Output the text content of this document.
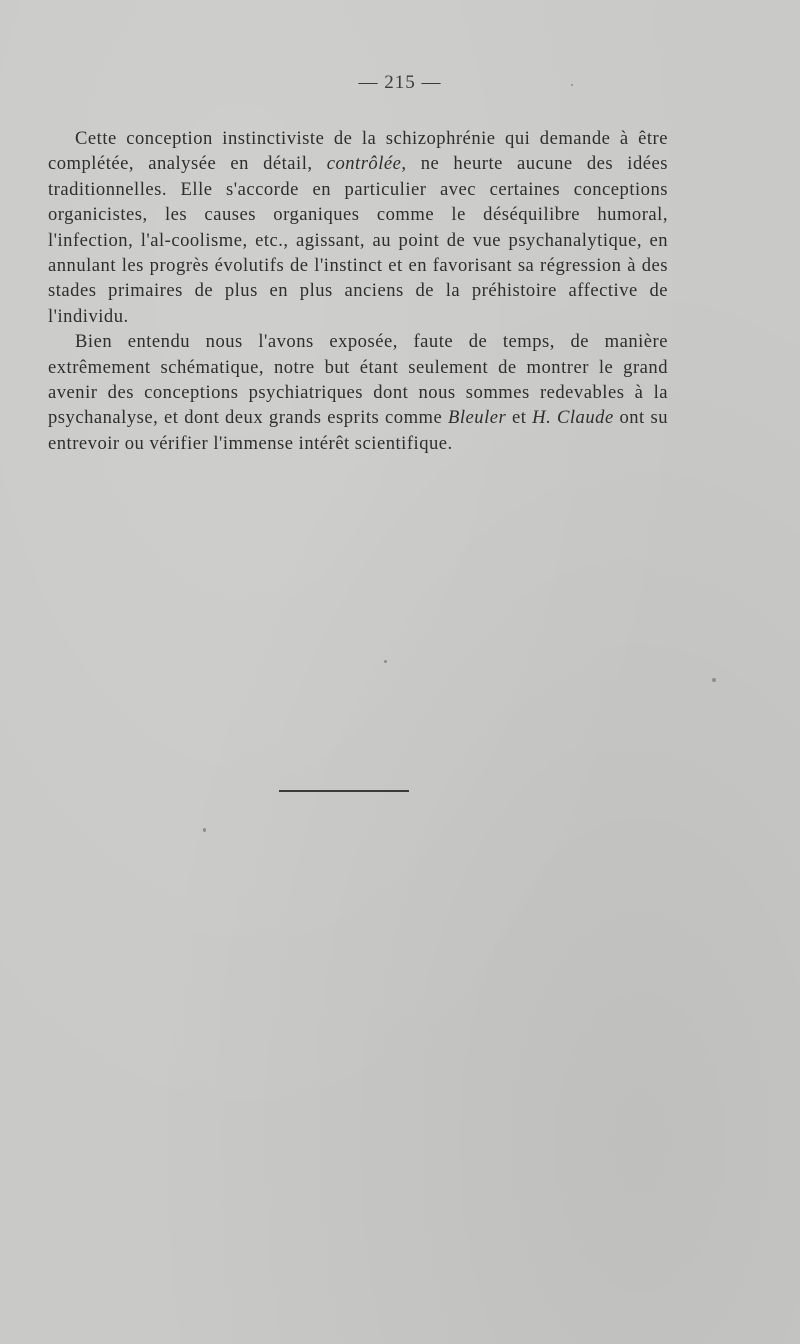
— 215 —

Cette conception instinctiviste de la schizophrénie qui demande à être complétée, analysée en détail, contrôlée, ne heurte aucune des idées traditionnelles. Elle s'accorde en particulier avec certaines conceptions organicistes, les causes organiques comme le déséquilibre humoral, l'infection, l'al-coolisme, etc., agissant, au point de vue psychanalytique, en annulant les progrès évolutifs de l'instinct et en favorisant sa régression à des stades primaires de plus en plus anciens de la préhistoire affective de l'individu.

Bien entendu nous l'avons exposée, faute de temps, de manière extrêmement schématique, notre but étant seulement de montrer le grand avenir des conceptions psychiatriques dont nous sommes redevables à la psychanalyse, et dont deux grands esprits comme Bleuler et H. Claude ont su entrevoir ou vérifier l'immense intérêt scientifique.
